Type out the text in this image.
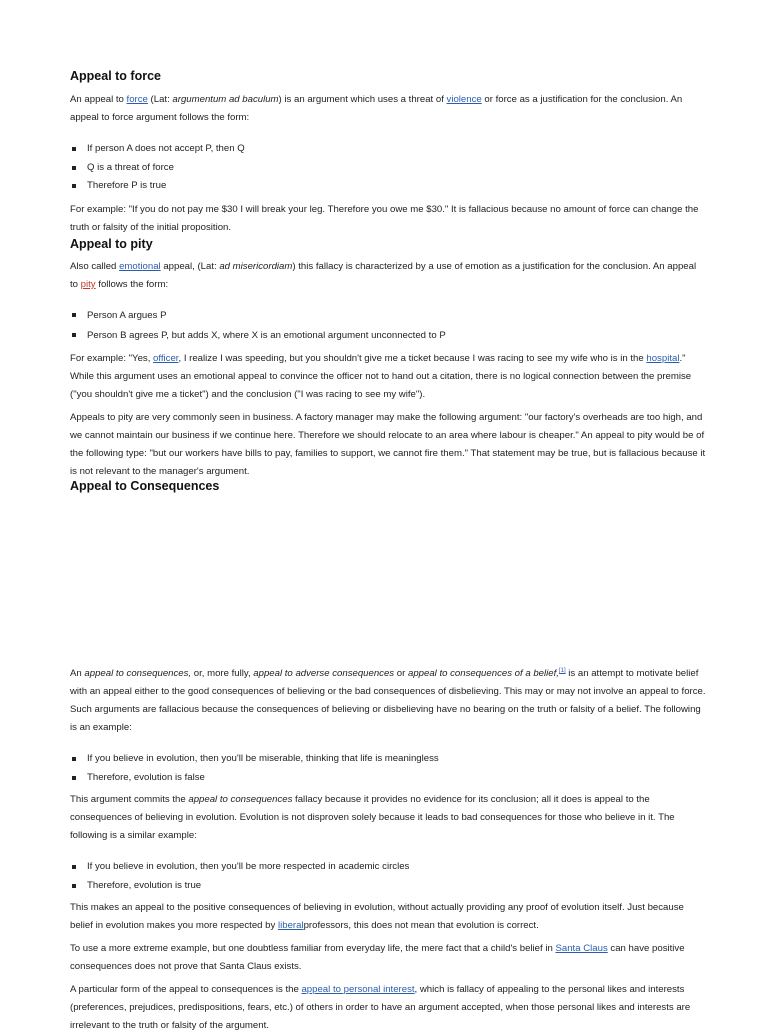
Appeal to force

An appeal to force (Lat: argumentum ad baculum) is an argument which uses a threat of violence or force as a justification for the conclusion. An appeal to force argument follows the form:

If person A does not accept P, then Q
Q is a threat of force
Therefore P is true

For example: "If you do not pay me $30 I will break your leg. Therefore you owe me $30." It is fallacious because no amount of force can change the truth or falsity of the initial proposition.

Appeal to pity

Also called emotional appeal, (Lat: ad misericordiam) this fallacy is characterized by a use of emotion as a justification for the conclusion. An appeal to pity follows the form:

Person A argues P
Person B agrees P, but adds X, where X is an emotional argument unconnected to P

For example: "Yes, officer, I realize I was speeding, but you shouldn't give me a ticket because I was racing to see my wife who is in the hospital." While this argument uses an emotional appeal to convince the officer not to hand out a citation, there is no logical connection between the premise ("you shouldn't give me a ticket") and the conclusion ("I was racing to see my wife").

Appeals to pity are very commonly seen in business. A factory manager may make the following argument: "our factory's overheads are too high, and we cannot maintain our business if we continue here. Therefore we should relocate to an area where labour is cheaper." An appeal to pity would be of the following type: "but our workers have bills to pay, families to support, we cannot fire them." That statement may be true, but is fallacious because it is not relevant to the manager's argument.

Appeal to Consequences

An appeal to consequences, or, more fully, appeal to adverse consequences or appeal to consequences of a belief,[1] is an attempt to motivate belief with an appeal either to the good consequences of believing or the bad consequences of disbelieving. This may or may not involve an appeal to force. Such arguments are fallacious because the consequences of believing or disbelieving have no bearing on the truth or falsity of a belief. The following is an example:

If you believe in evolution, then you'll be miserable, thinking that life is meaningless
Therefore, evolution is false

This argument commits the appeal to consequences fallacy because it provides no evidence for its conclusion; all it does is appeal to the consequences of believing in evolution. Evolution is not disproven solely because it leads to bad consequences for those who believe in it. The following is a similar example:

If you believe in evolution, then you'll be more respected in academic circles
Therefore, evolution is true

This makes an appeal to the positive consequences of believing in evolution, without actually providing any proof of evolution itself. Just because belief in evolution makes you more respected by liberalprofessors, this does not mean that evolution is correct.

To use a more extreme example, but one doubtless familiar from everyday life, the mere fact that a child's belief in Santa Claus can have positive consequences does not prove that Santa Claus exists.

A particular form of the appeal to consequences is the appeal to personal interest, which is fallacy of appealing to the personal likes and interests (preferences, prejudices, predispositions, fears, etc.) of others in order to have an argument accepted, when those personal likes and interests are irrelevant to the truth or falsity of the argument.
